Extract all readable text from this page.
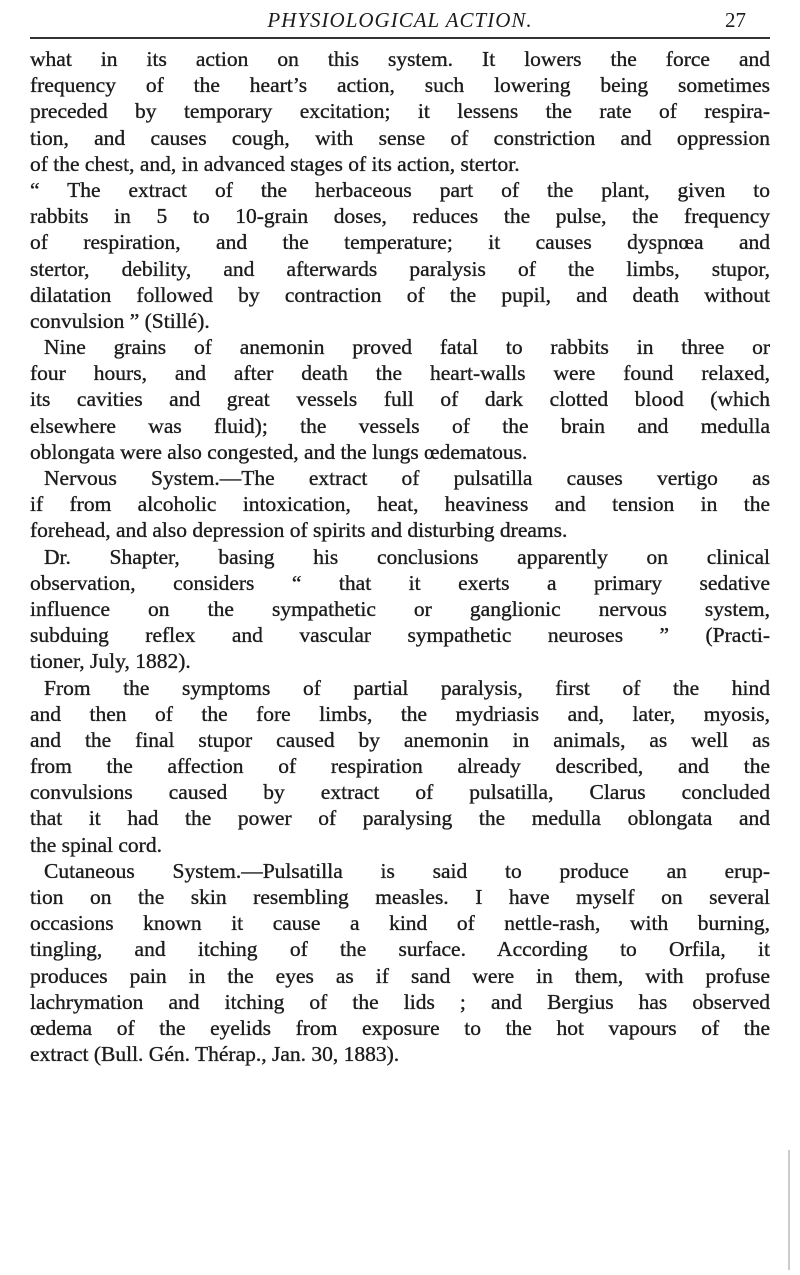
PHYSIOLOGICAL ACTION.	27
what in its action on this system. It lowers the force and
frequency of the heart’s action, such lowering being sometimes
preceded by temporary excitation; it lessens the rate of respira-
tion, and causes cough, with sense of constriction and oppression
of the chest, and, in advanced stages of its action, stertor.
“ The extract of the herbaceous part of the plant, given to
rabbits in 5 to 10-grain doses, reduces the pulse, the frequency
of respiration, and the temperature; it causes dyspnœa and
stertor, debility, and afterwards paralysis of the limbs, stupor,
dilatation followed by contraction of the pupil, and death without
convulsion ” (Stillé).
Nine grains of anemonin proved fatal to rabbits in three or
four hours, and after death the heart-walls were found relaxed,
its cavities and great vessels full of dark clotted blood (which
elsewhere was fluid); the vessels of the brain and medulla
oblongata were also congested, and the lungs œdematous.
Nervous System.—The extract of pulsatilla causes vertigo as
if from alcoholic intoxication, heat, heaviness and tension in the
forehead, and also depression of spirits and disturbing dreams.
Dr. Shapter, basing his conclusions apparently on clinical
observation, considers “ that it exerts a primary sedative
influence on the sympathetic or ganglionic nervous system,
subduing reflex and vascular sympathetic neuroses ” (Practi-
tioner, July, 1882).
From the symptoms of partial paralysis, first of the hind
and then of the fore limbs, the mydriasis and, later, myosis,
and the final stupor caused by anemonin in animals, as well as
from the affection of respiration already described, and the
convulsions caused by extract of pulsatilla, Clarus concluded
that it had the power of paralysing the medulla oblongata and
the spinal cord.
Cutaneous System.—Pulsatilla is said to produce an erup-
tion on the skin resembling measles. I have myself on several
occasions known it cause a kind of nettle-rash, with burning,
tingling, and itching of the surface. According to Orfila, it
produces pain in the eyes as if sand were in them, with profuse
lachrymation and itching of the lids ; and Bergius has observed
œdema of the eyelids from exposure to the hot vapours of the
extract (Bull. Gén. Thérap., Jan. 30, 1883).
